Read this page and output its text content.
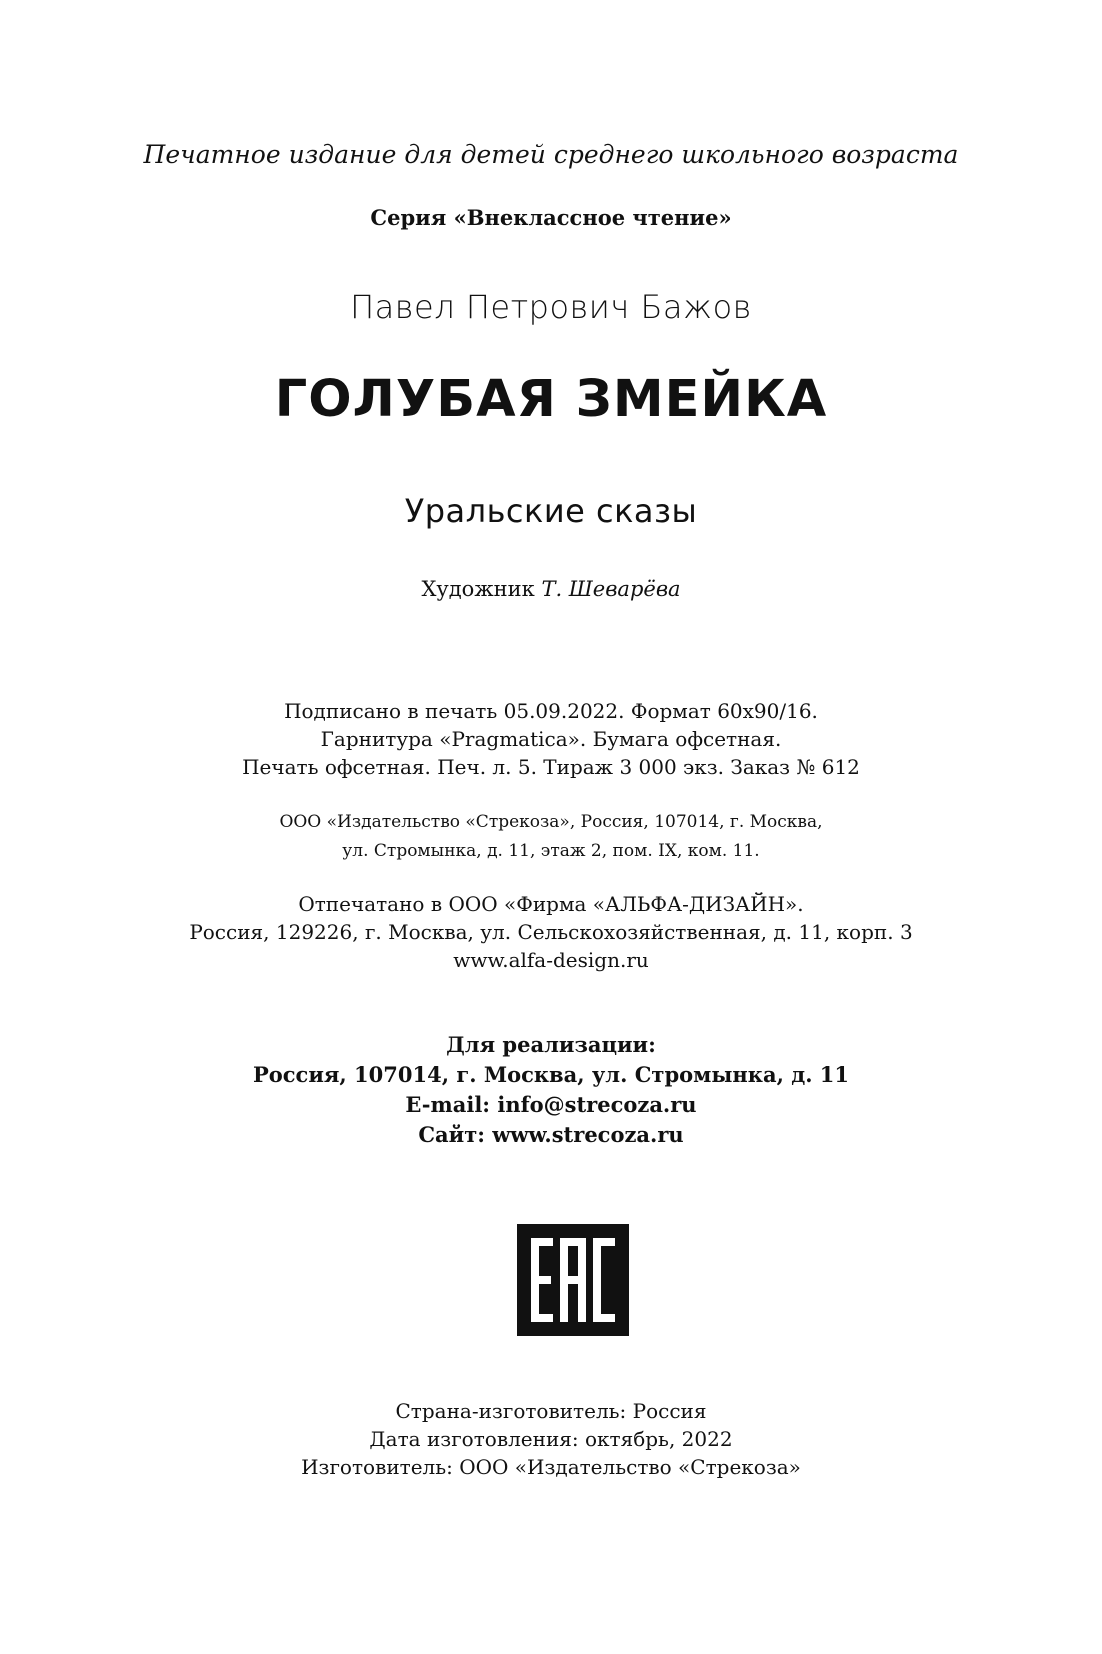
Печатное издание для детей среднего школьного возраста
Серия «Внеклассное чтение»
Павел Петрович Бажов
ГОЛУБАЯ ЗМЕЙКА
Уральские сказы
Художник Т. Шеварёва
Подписано в печать 05.09.2022. Формат 60х90/16.
Гарнитура «Pragmatica». Бумага офсетная.
Печать офсетная. Печ. л. 5. Тираж 3 000 экз. Заказ № 612
ООО «Издательство «Стрекоза», Россия, 107014, г. Москва,
ул. Стромынка, д. 11, этаж 2, пом. IX, ком. 11.
Отпечатано в ООО «Фирма «АЛЬФА-ДИЗАЙН».
Россия, 129226, г. Москва, ул. Сельскохозяйственная, д. 11, корп. 3
www.alfa-design.ru
Для реализации:
Россия, 107014, г. Москва, ул. Стромынка, д. 11
E-mail: info@strecoza.ru
Сайт: www.strecoza.ru
Страна-изготовитель: Россия
Дата изготовления: октябрь, 2022
Изготовитель: ООО «Издательство «Стрекоза»
